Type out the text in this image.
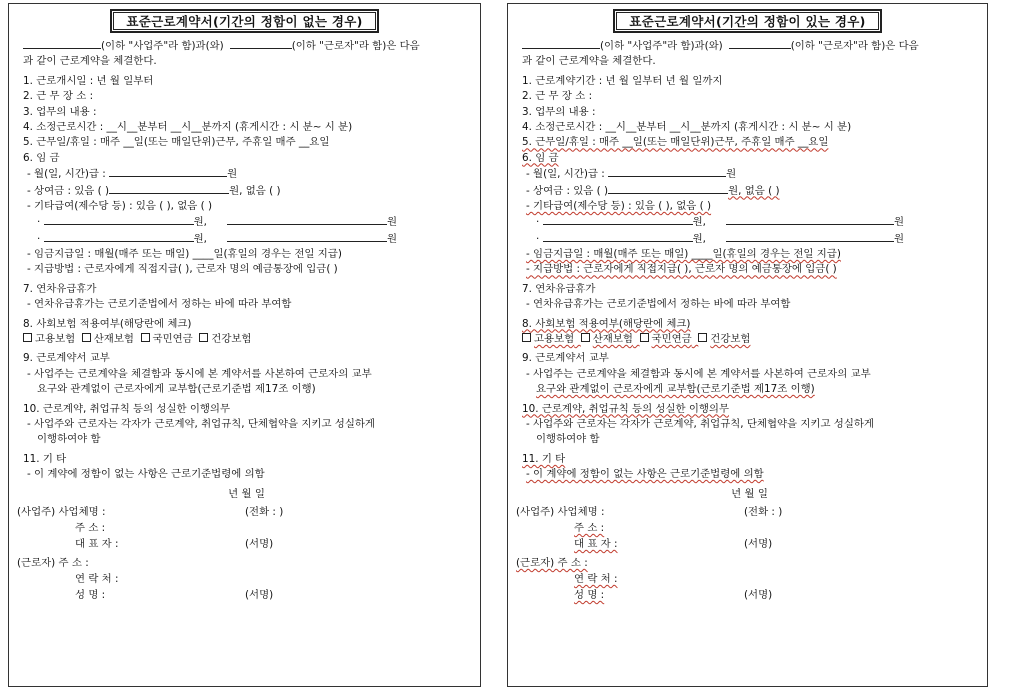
표준근로계약서(기간의 정함이 없는 경우)

(이하 "사업주"라 함)과(와)	(이하 "근로자"라 함)은 다음

과 같이 근로계약을 체결한다.

1. 근로개시일 : 년 월 일부터

2. 근 무 장 소 :

3. 업무의 내용 :

4. 소정근로시간 : __시__분부터 __시__분까지 (휴게시간 : 시 분~ 시 분)

5. 근무일/휴일 : 매주 __일(또는 매일단위)근무, 주휴일 매주 __요일

6. 임 금

- 월(일, 시간)급 :	원

- 상여금 : 있음 ( )	원, 없음 ( )

- 기타급여(제수당 등) : 있음 ( ), 없음 ( )

·	원,	원

·	원,	원

- 임금지급일 : 매월(매주 또는 매일) ____일(휴일의 경우는 전일 지급)

- 지급방법 : 근로자에게 직접지급( ), 근로자 명의 예금통장에 입금( )

7. 연차유급휴가

- 연차유급휴가는 근로기준법에서 정하는 바에 따라 부여함

8. 사회보험 적용여부(해당란에 체크)

고용보험 산재보험 국민연금 건강보험

9. 근로계약서 교부

- 사업주는 근로계약을 체결함과 동시에 본 계약서를 사본하여 근로자의 교부

요구와 관계없이 근로자에게 교부함(근로기준법 제17조 이행)

10. 근로계약, 취업규칙 등의 성실한 이행의무

- 사업주와 근로자는 각자가 근로계약, 취업규칙, 단체협약을 지키고 성실하게

이행하여야 함

11. 기 타

- 이 계약에 정함이 없는 사항은 근로기준법령에 의함

년 월 일

(사업주) 사업체명 :	(전화 : )
주 소 :
대 표 자 :	(서명)
(근로자) 주 소 :
연 락 처 :
성 명 :	(서명)
표준근로계약서(기간의 정함이 있는 경우)

(이하 "사업주"라 함)과(와)	(이하 "근로자"라 함)은 다음

과 같이 근로계약을 체결한다.

1. 근로계약기간 : 년 월 일부터 년 월 일까지

2. 근 무 장 소 :

3. 업무의 내용 :

4. 소정근로시간 : __시__분부터 __시__분까지 (휴게시간 : 시 분~ 시 분)

5. 근무일/휴일 : 매주 __일(또는 매일단위)근무, 주휴일 매주 __요일

6. 임 금

- 월(일, 시간)급 :	원

- 상여금 : 있음 ( )	원, 없음 ( )

- 기타급여(제수당 등) : 있음 ( ), 없음 ( )

·	원,	원

·	원,	원

- 임금지급일 : 매월(매주 또는 매일) ____일(휴일의 경우는 전일 지급)

- 지급방법 : 근로자에게 직접지급( ), 근로자 명의 예금통장에 입금( )

7. 연차유급휴가

- 연차유급휴가는 근로기준법에서 정하는 바에 따라 부여함

8. 사회보험 적용여부(해당란에 체크)

고용보험 산재보험 국민연금 건강보험

9. 근로계약서 교부

- 사업주는 근로계약을 체결함과 동시에 본 계약서를 사본하여 근로자의 교부

요구와 관계없이 근로자에게 교부함(근로기준법 제17조 이행)

10. 근로계약, 취업규칙 등의 성실한 이행의무

- 사업주와 근로자는 각자가 근로계약, 취업규칙, 단체협약을 지키고 성실하게

이행하여야 함

11. 기 타

- 이 계약에 정함이 없는 사항은 근로기준법령에 의함

년 월 일

(사업주) 사업체명 :	(전화 : )
주 소 :
대 표 자 :	(서명)
(근로자) 주 소 :
연 락 처 :
성 명 :	(서명)
